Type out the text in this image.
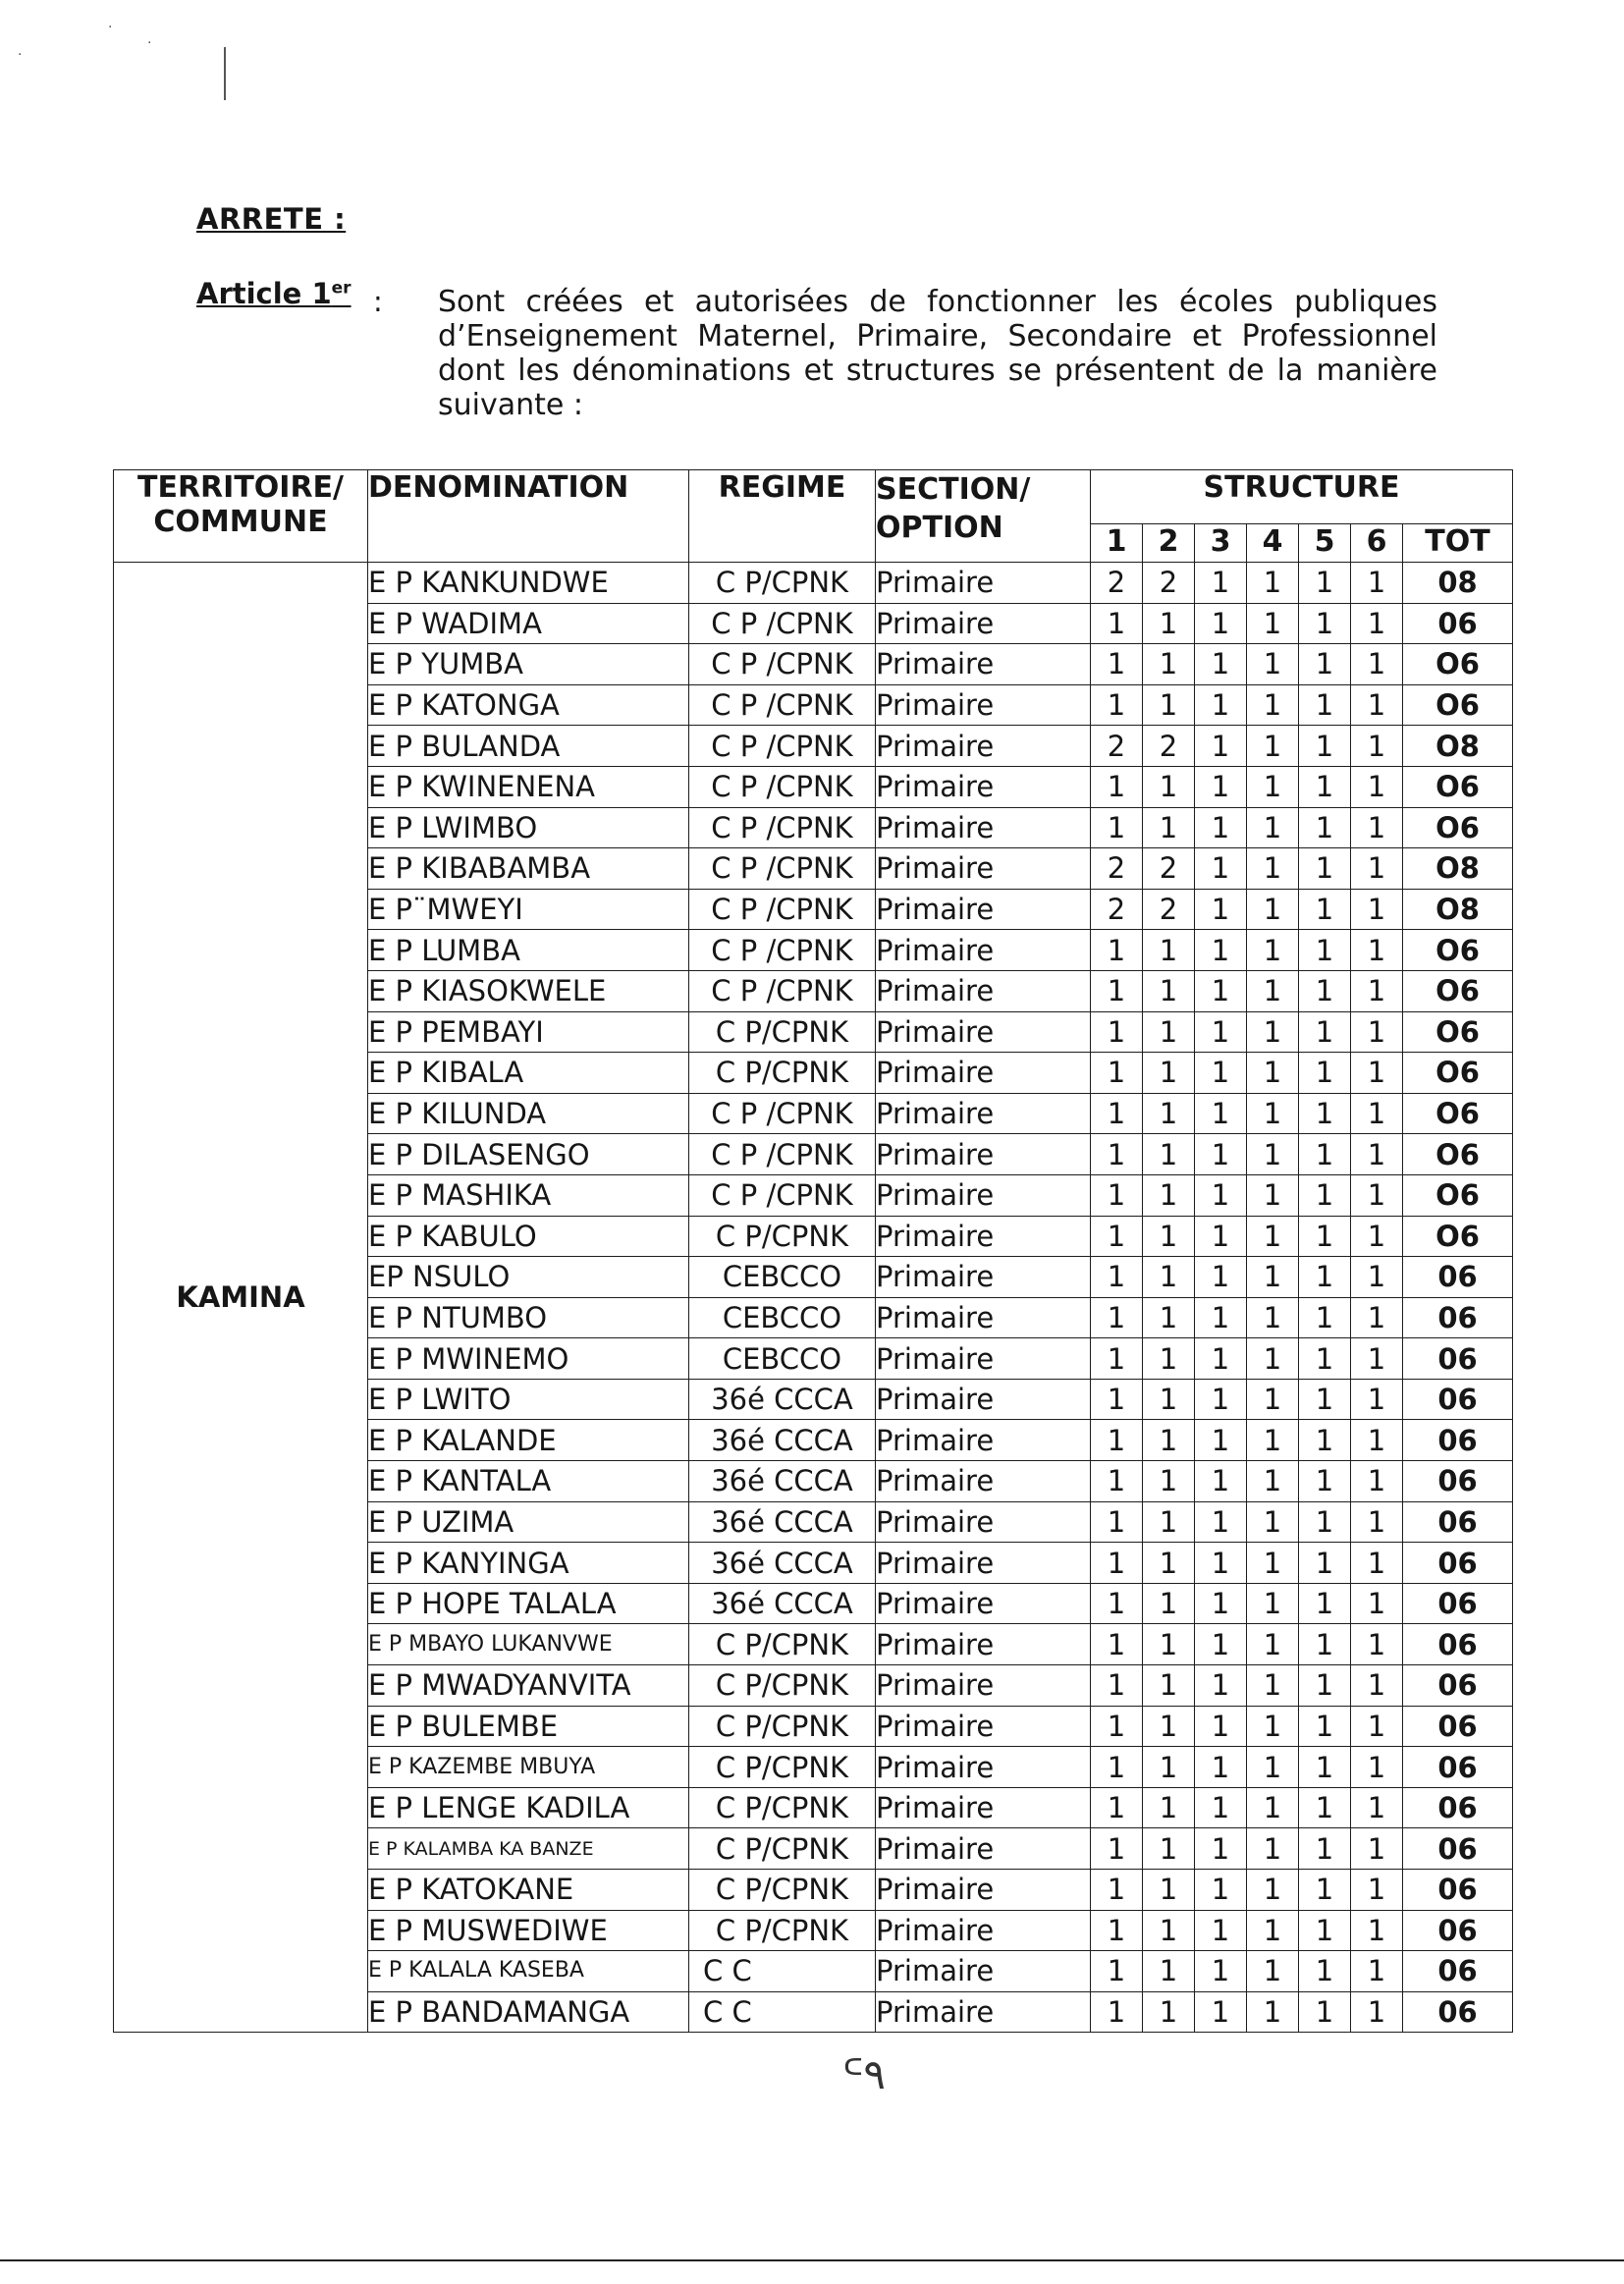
·
·
·
ARRETE :
Article 1er : Sont créées et autorisées de fonctionner les écoles publiques d’Enseignement Maternel, Primaire, Secondaire et Professionnel dont les dénominations et structures se présentent de la manière suivante :
TERRITOIRE/ COMMUNE	DENOMINATION	REGIME	SECTION/ OPTION	STRUCTURE						
				1	2	3	4	5	6	TOT
KAMINA	E P KANKUNDWE	C P/CPNK	Primaire	2	2	1	1	1	1	08
	E P WADIMA	C P /CPNK	Primaire	1	1	1	1	1	1	06
	E P YUMBA	C P /CPNK	Primaire	1	1	1	1	1	1	O6
	E P KATONGA	C P /CPNK	Primaire	1	1	1	1	1	1	O6
	E P BULANDA	C P /CPNK	Primaire	2	2	1	1	1	1	O8
	E P KWINENENA	C P /CPNK	Primaire	1	1	1	1	1	1	O6
	E P LWIMBO	C P /CPNK	Primaire	1	1	1	1	1	1	O6
	E P KIBABAMBA	C P /CPNK	Primaire	2	2	1	1	1	1	O8
	E P¨MWEYI	C P /CPNK	Primaire	2	2	1	1	1	1	O8
	E P LUMBA	C P /CPNK	Primaire	1	1	1	1	1	1	O6
	E P KIASOKWELE	C P /CPNK	Primaire	1	1	1	1	1	1	O6
	E P PEMBAYI	C P/CPNK	Primaire	1	1	1	1	1	1	O6
	E P KIBALA	C P/CPNK	Primaire	1	1	1	1	1	1	O6
	E P KILUNDA	C P /CPNK	Primaire	1	1	1	1	1	1	O6
	E P DILASENGO	C P /CPNK	Primaire	1	1	1	1	1	1	O6
	E P MASHIKA	C P /CPNK	Primaire	1	1	1	1	1	1	O6
	E P KABULO	C P/CPNK	Primaire	1	1	1	1	1	1	O6
	EP NSULO	CEBCCO	Primaire	1	1	1	1	1	1	06
	E P NTUMBO	CEBCCO	Primaire	1	1	1	1	1	1	06
	E P MWINEMO	CEBCCO	Primaire	1	1	1	1	1	1	06
	E P LWITO	36é CCCA	Primaire	1	1	1	1	1	1	06
	E P KALANDE	36é CCCA	Primaire	1	1	1	1	1	1	06
	E P KANTALA	36é CCCA	Primaire	1	1	1	1	1	1	06
	E P UZIMA	36é CCCA	Primaire	1	1	1	1	1	1	06
	E P KANYINGA	36é CCCA	Primaire	1	1	1	1	1	1	06
	E P HOPE TALALA	36é CCCA	Primaire	1	1	1	1	1	1	06
	E P MBAYO LUKANVWE	C P/CPNK	Primaire	1	1	1	1	1	1	06
	E P MWADYANVITA	C P/CPNK	Primaire	1	1	1	1	1	1	06
	E P BULEMBE	C P/CPNK	Primaire	1	1	1	1	1	1	06
	E P KAZEMBE MBUYA	C P/CPNK	Primaire	1	1	1	1	1	1	06
	E P LENGE KADILA	C P/CPNK	Primaire	1	1	1	1	1	1	06
	E P KALAMBA KA BANZE	C P/CPNK	Primaire	1	1	1	1	1	1	06
	E P KATOKANE	C P/CPNK	Primaire	1	1	1	1	1	1	06
	E P MUSWEDIWE	C P/CPNK	Primaire	1	1	1	1	1	1	06
	E P KALALA KASEBA	C C	Primaire	1	1	1	1	1	1	06
	E P BANDAMANGA	C C	Primaire	1	1	1	1	1	1	06
ᒼ٩
